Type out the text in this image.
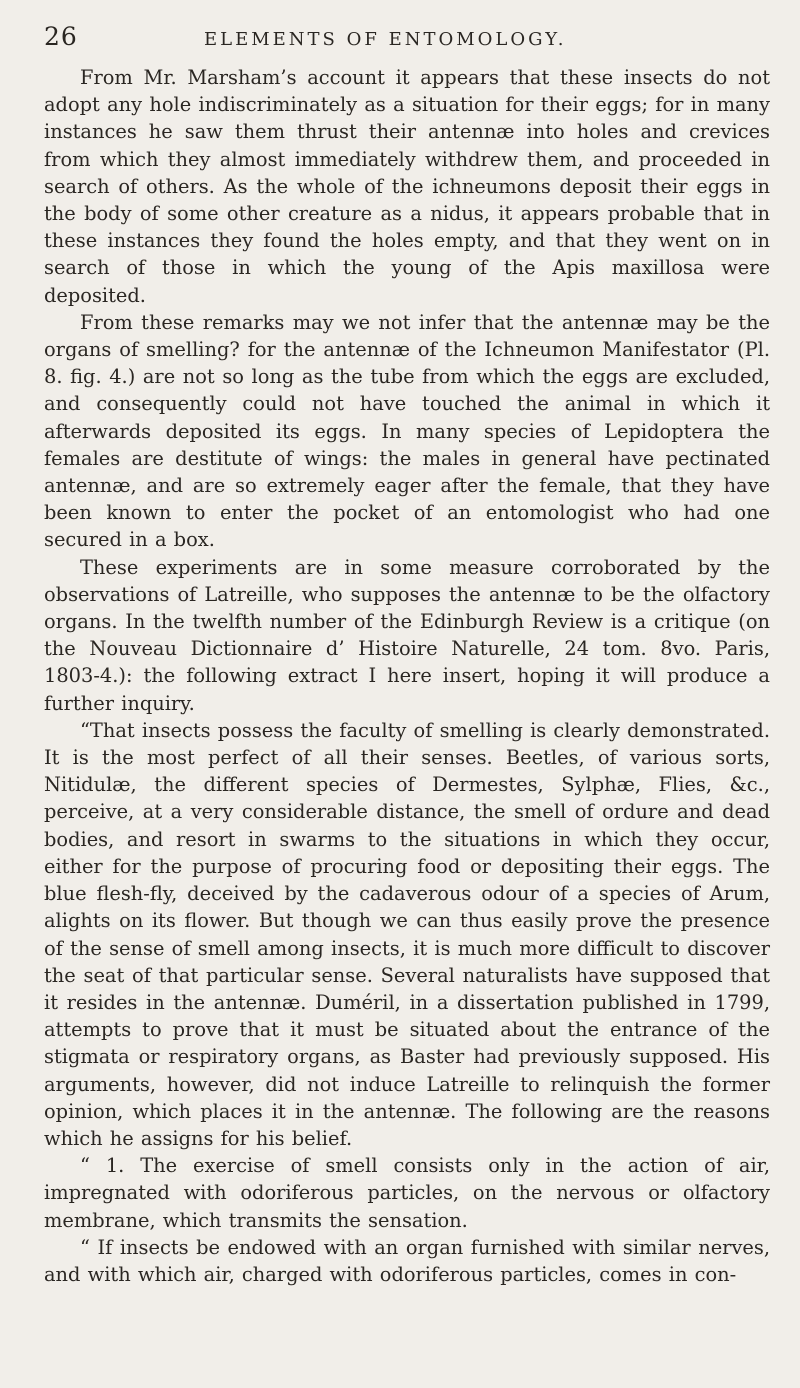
26	ELEMENTS OF ENTOMOLOGY.

From Mr. Marsham’s account it appears that these insects do not adopt any hole indiscriminately as a situation for their eggs; for in many instances he saw them thrust their antennæ into holes and crevices from which they almost immediately withdrew them, and proceeded in search of others. As the whole of the ichneumons deposit their eggs in the body of some other creature as a nidus, it appears probable that in these instances they found the holes empty, and that they went on in search of those in which the young of the Apis maxillosa were deposited.

From these remarks may we not infer that the antennæ may be the organs of smelling? for the antennæ of the Ichneumon Manifestator (Pl. 8. fig. 4.) are not so long as the tube from which the eggs are excluded, and consequently could not have touched the animal in which it afterwards deposited its eggs. In many species of Lepidoptera the females are destitute of wings: the males in general have pectinated antennæ, and are so extremely eager after the female, that they have been known to enter the pocket of an entomologist who had one secured in a box.

These experiments are in some measure corroborated by the observations of Latreille, who supposes the antennæ to be the olfactory organs. In the twelfth number of the Edinburgh Review is a critique (on the Nouveau Dictionnaire d’ Histoire Naturelle, 24 tom. 8vo. Paris, 1803-4.): the following extract I here insert, hoping it will produce a further inquiry.

“That insects possess the faculty of smelling is clearly demonstrated. It is the most perfect of all their senses. Beetles, of various sorts, Nitidulæ, the different species of Dermestes, Sylphæ, Flies, &c., perceive, at a very considerable distance, the smell of ordure and dead bodies, and resort in swarms to the situations in which they occur, either for the purpose of procuring food or depositing their eggs. The blue flesh-fly, deceived by the cadaverous odour of a species of Arum, alights on its flower. But though we can thus easily prove the presence of the sense of smell among insects, it is much more difficult to discover the seat of that particular sense. Several naturalists have supposed that it resides in the antennæ. Duméril, in a dissertation published in 1799, attempts to prove that it must be situated about the entrance of the stigmata or respiratory organs, as Baster had previously supposed. His arguments, however, did not induce Latreille to relinquish the former opinion, which places it in the antennæ. The following are the reasons which he assigns for his belief.

“ 1. The exercise of smell consists only in the action of air, impregnated with odoriferous particles, on the nervous or olfactory membrane, which transmits the sensation.

“ If insects be endowed with an organ furnished with similar nerves, and with which air, charged with odoriferous particles, comes in con-
